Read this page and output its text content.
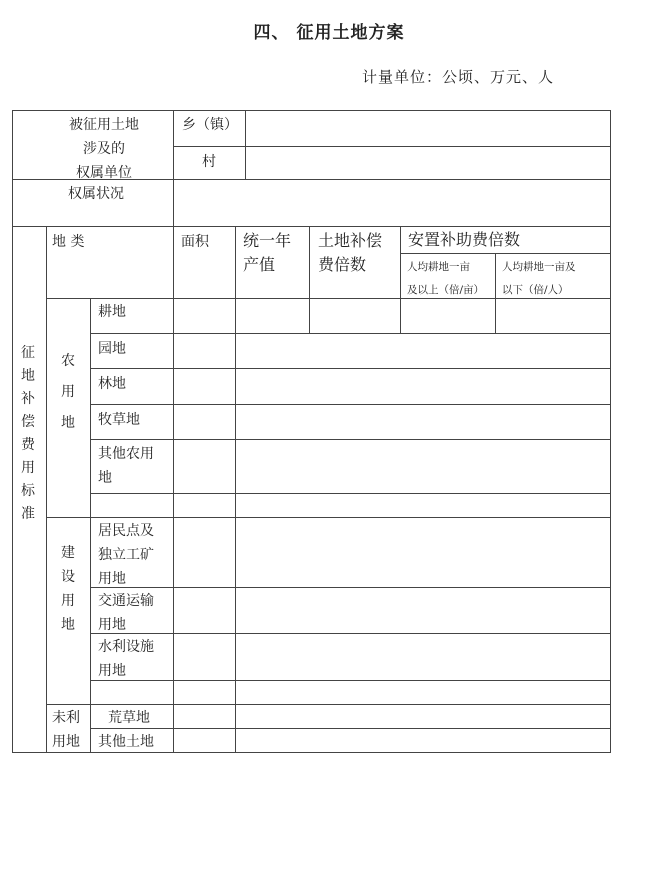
四、 征用土地方案
计量单位：公顷、万元、人
被征用土地
涉及的
权属单位
乡（镇）
村
权属状况
征地补偿费用标准
地 类	面积 统一年
产值
土地补偿
费倍数
安置补助费倍数
人均耕地一亩
及以上（倍/亩）
人均耕地一亩及
以下（倍/人）
农用地
建设用地
未利
用地
耕地
园地
林地
牧草地
其他农用
地
居民点及
独立工矿
用地
交通运输
用地
水利设施
用地
荒草地
其他土地
